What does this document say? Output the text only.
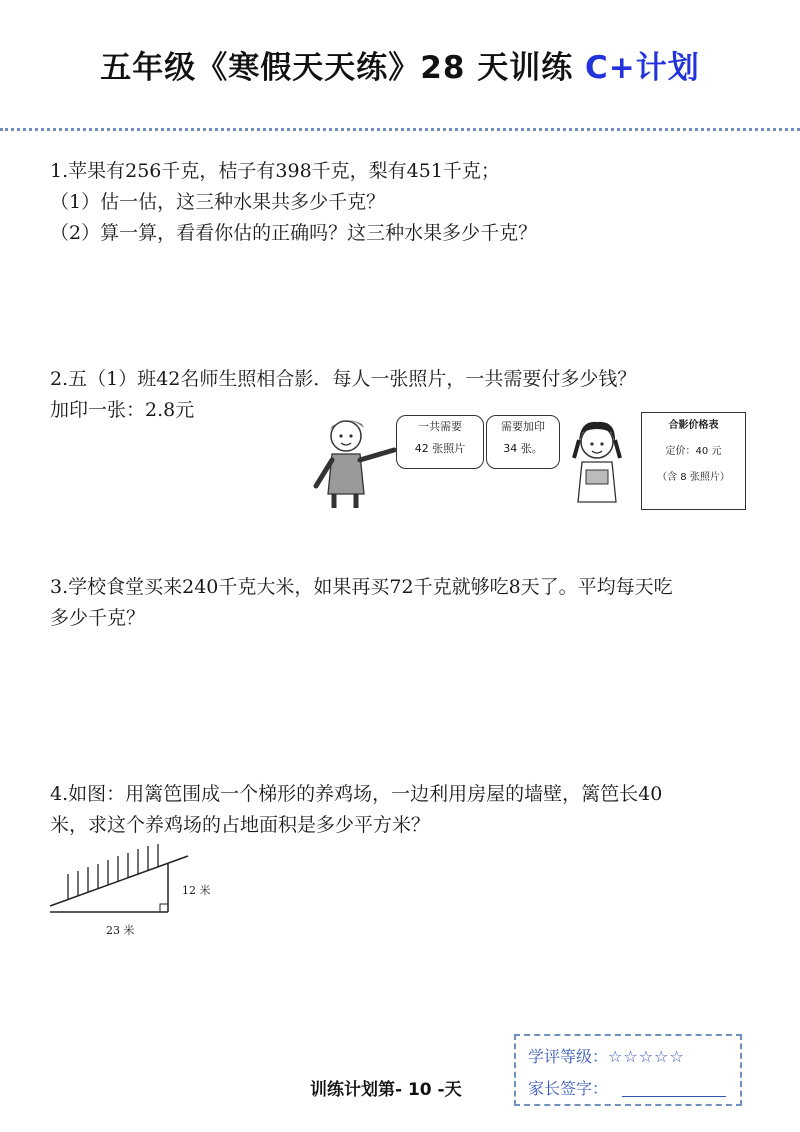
五年级《寒假天天练》28 天训练 C+计划
1.苹果有256千克，桔子有398千克，梨有451千克；
（1）估一估，这三种水果共多少千克？
（2）算一算，看看你估的正确吗？这三种水果多少千克？
2.五（1）班42名师生照相合影．每人一张照片，一共需要付多少钱？
加印一张：2.8元
一共需要
42 张照片
需要加印
34 张。
合影价格表
定价：40 元
（含 8 张照片）
3.学校食堂买来240千克大米，如果再买72千克就够吃8天了。平均每天吃
多少千克？
4.如图：用篱笆围成一个梯形的养鸡场，一边利用房屋的墙壁，篱笆长40
米，求这个养鸡场的占地面积是多少平方米？
12 米
23 米
训练计划第- 10 -天
学评等级：☆☆☆☆☆
家长签字：
